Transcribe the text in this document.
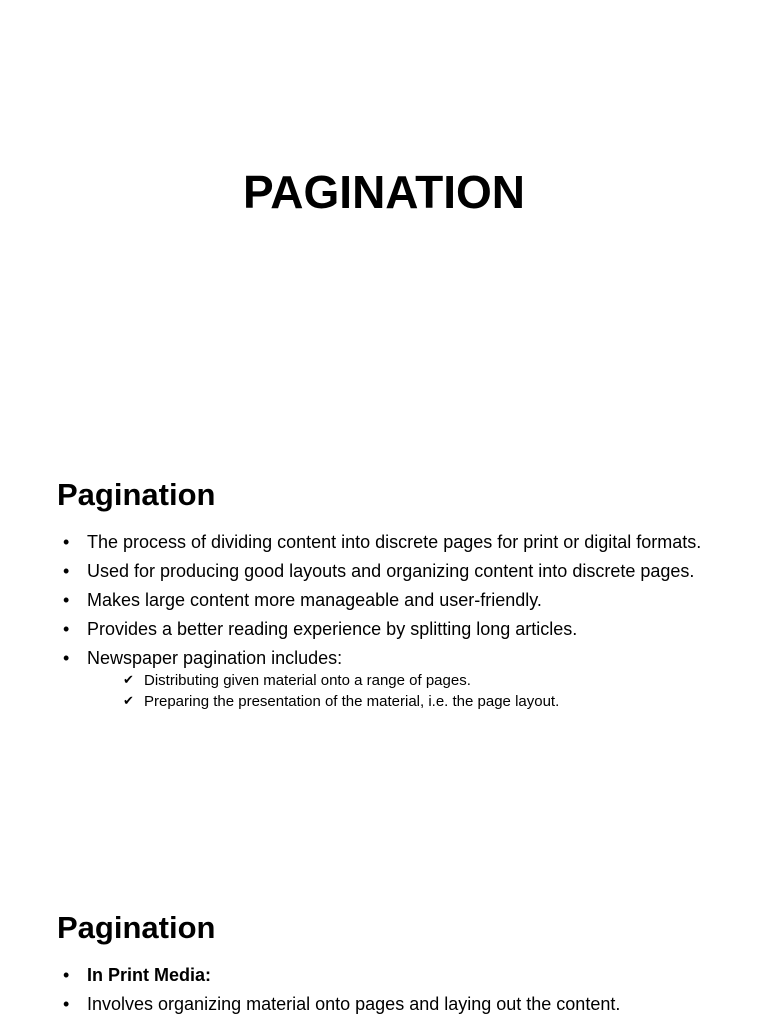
PAGINATION
Pagination
• The process of dividing content into discrete pages for print or digital formats.
• Used for producing good layouts and organizing content into discrete pages.
• Makes large content more manageable and user-friendly.
• Provides a better reading experience by splitting long articles.
• Newspaper pagination includes:
✔ Distributing given material onto a range of pages.
✔ Preparing the presentation of the material, i.e. the page layout.
Pagination
• In Print Media:
• Involves organizing material onto pages and laying out the content.
